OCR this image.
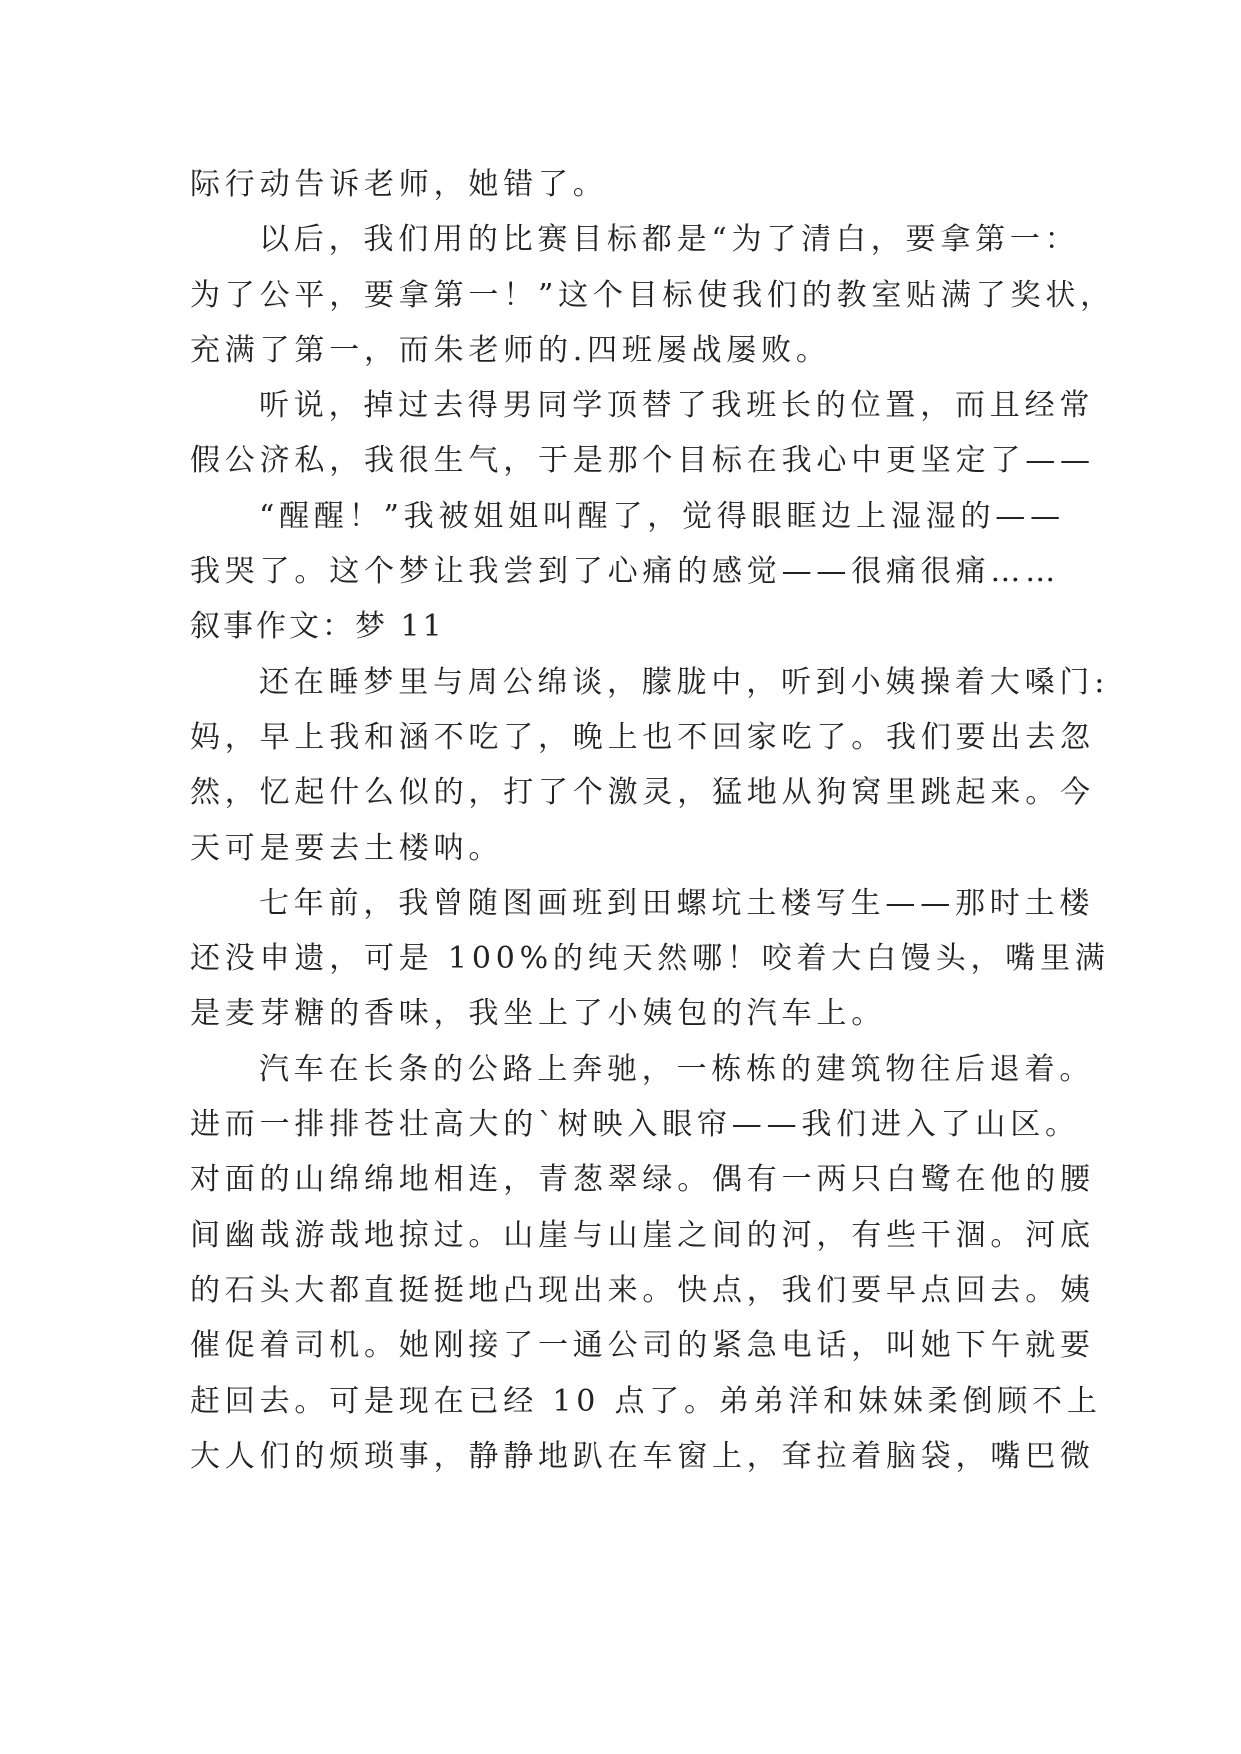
际行动告诉老师，她错了。
以后，我们用的比赛目标都是“为了清白，要拿第一：
为了公平，要拿第一！”这个目标使我们的教室贴满了奖状，
充满了第一，而朱老师的.四班屡战屡败。
听说，掉过去得男同学顶替了我班长的位置，而且经常
假公济私，我很生气，于是那个目标在我心中更坚定了——
“醒醒！”我被姐姐叫醒了，觉得眼眶边上湿湿的——
我哭了。这个梦让我尝到了心痛的感觉——很痛很痛……
叙事作文：梦 11
还在睡梦里与周公绵谈，朦胧中，听到小姨操着大嗓门:
妈，早上我和涵不吃了，晚上也不回家吃了。我们要出去忽
然，忆起什么似的，打了个激灵，猛地从狗窝里跳起来。今
天可是要去土楼呐。
七年前，我曾随图画班到田螺坑土楼写生——那时土楼
还没申遗，可是 100%的纯天然哪！咬着大白馒头，嘴里满
是麦芽糖的香味，我坐上了小姨包的汽车上。
汽车在长条的公路上奔驰，一栋栋的建筑物往后退着。
进而一排排苍壮高大的`树映入眼帘——我们进入了山区。
对面的山绵绵地相连，青葱翠绿。偶有一两只白鹭在他的腰
间幽哉游哉地掠过。山崖与山崖之间的河，有些干涸。河底
的石头大都直挺挺地凸现出来。快点，我们要早点回去。姨
催促着司机。她刚接了一通公司的紧急电话，叫她下午就要
赶回去。可是现在已经 10 点了。弟弟洋和妹妹柔倒顾不上
大人们的烦琐事，静静地趴在车窗上，耷拉着脑袋，嘴巴微
